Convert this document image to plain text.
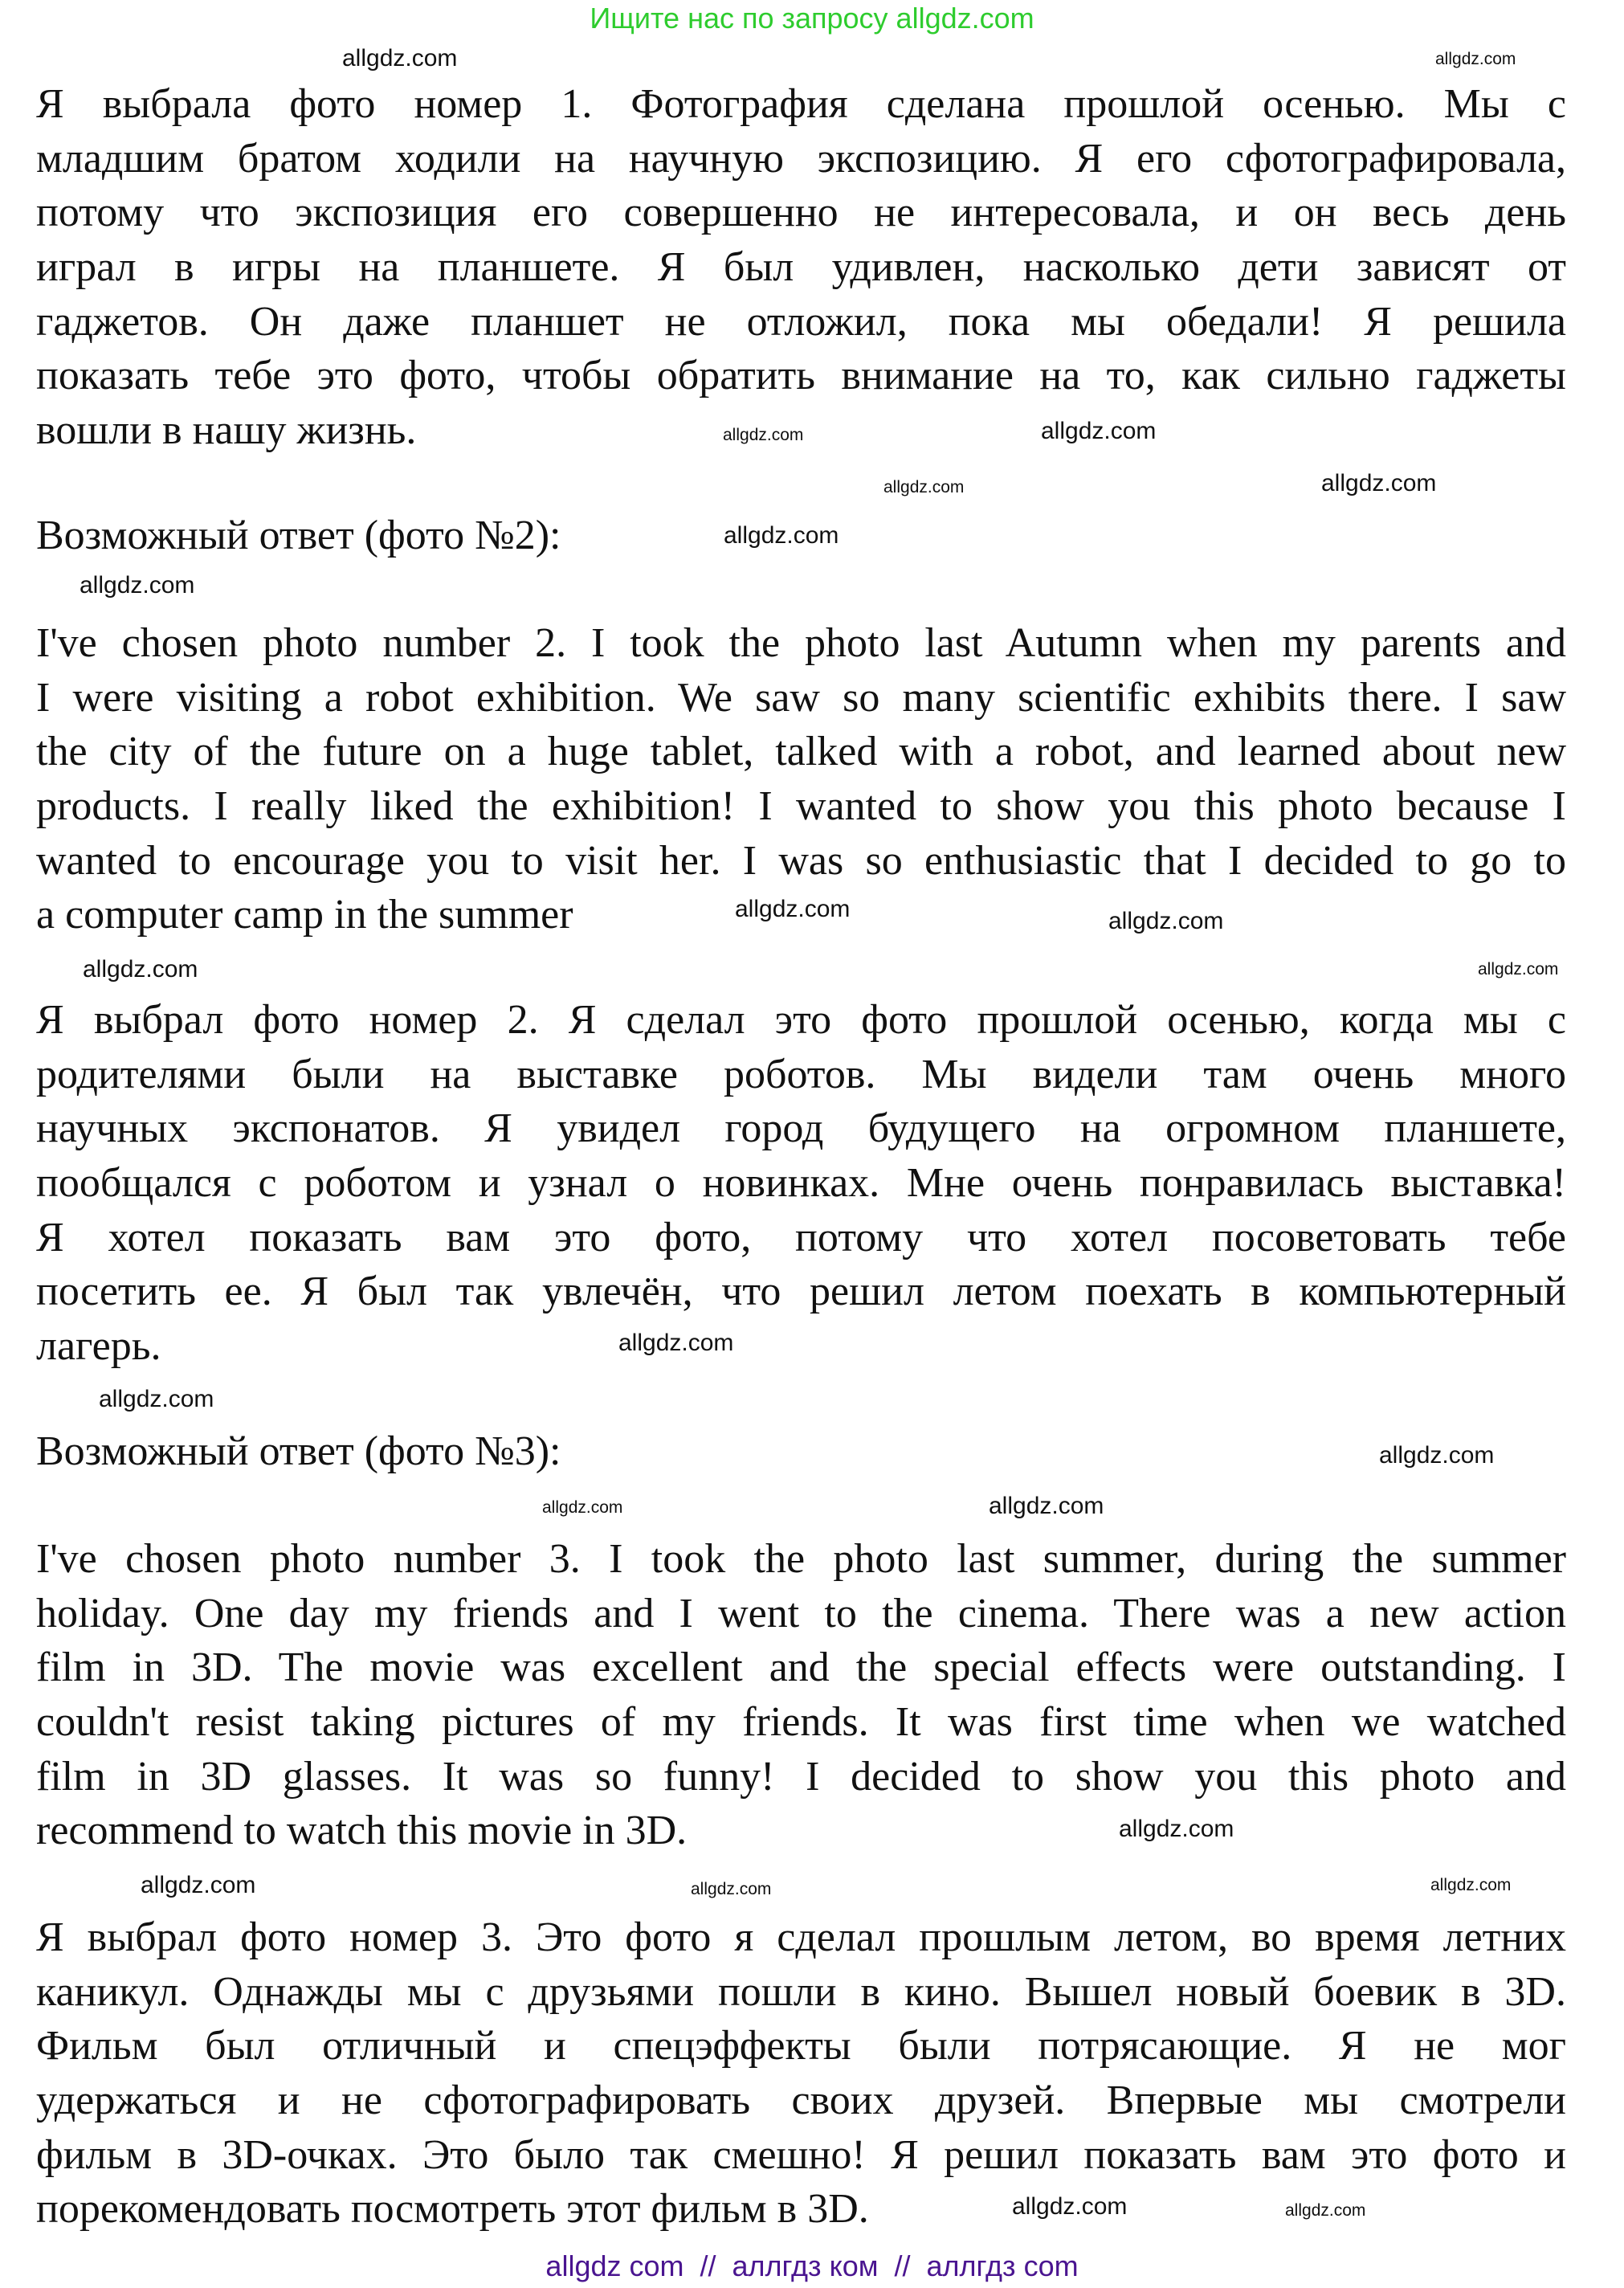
Ищите нас по запросу allgdz.com
Я выбрала фото номер 1. Фотография сделана прошлой осенью. Мы с
младшим братом ходили на научную экспозицию. Я его сфотографировала,
потому что экспозиция его совершенно не интересовала, и он весь день
играл в игры на планшете. Я был удивлен, насколько дети зависят от
гаджетов. Он даже планшет не отложил, пока мы обедали! Я решила
показать тебе это фото, чтобы обратить внимание на то, как сильно гаджеты
вошли в нашу жизнь.
Возможный ответ (фото №2):
I've chosen photo number 2. I took the photo last Autumn when my parents and
I were visiting a robot exhibition. We saw so many scientific exhibits there. I saw
the city of the future on a huge tablet, talked with a robot, and learned about new
products. I really liked the exhibition! I wanted to show you this photo because I
wanted to encourage you to visit her. I was so enthusiastic that I decided to go to
a computer camp in the summer
Я выбрал фото номер 2. Я сделал это фото прошлой осенью, когда мы с
родителями были на выставке роботов. Мы видели там очень много
научных экспонатов. Я увидел город будущего на огромном планшете,
пообщался с роботом и узнал о новинках. Мне очень понравилась выставка!
Я хотел показать вам это фото, потому что хотел посоветовать тебе
посетить ее. Я был так увлечён, что решил летом поехать в компьютерный
лагерь.
Возможный ответ (фото №3):
I've chosen photo number 3. I took the photo last summer, during the summer
holiday. One day my friends and I went to the cinema. There was a new action
film in 3D. The movie was excellent and the special effects were outstanding. I
couldn't resist taking pictures of my friends. It was first time when we watched
film in 3D glasses. It was so funny! I decided to show you this photo and
recommend to watch this movie in 3D.
Я выбрал фото номер 3. Это фото я сделал прошлым летом, во время летних
каникул. Однажды мы с друзьями пошли в кино. Вышел новый боевик в 3D.
Фильм был отличный и спецэффекты были потрясающие. Я не мог
удержаться и не сфотографировать своих друзей. Впервые мы смотрели
фильм в 3D-очках. Это было так смешно! Я решил показать вам это фото и
порекомендовать посмотреть этот фильм в 3D.
allgdz.com	allgdz.com
allgdz.com
allgdz.com
allgdz.com
allgdz.com
allgdz.com
allgdz.com
allgdz.com	allgdz.com
allgdz.com	allgdz.com
allgdz.com
allgdz.com
allgdz.com
allgdz.com
allgdz.com
allgdz.com
allgdz.com	allgdz.com
allgdz.com
allgdz.com
allgdz.com
allgdz com  //  аллгдз ком  //  аллгдз com
